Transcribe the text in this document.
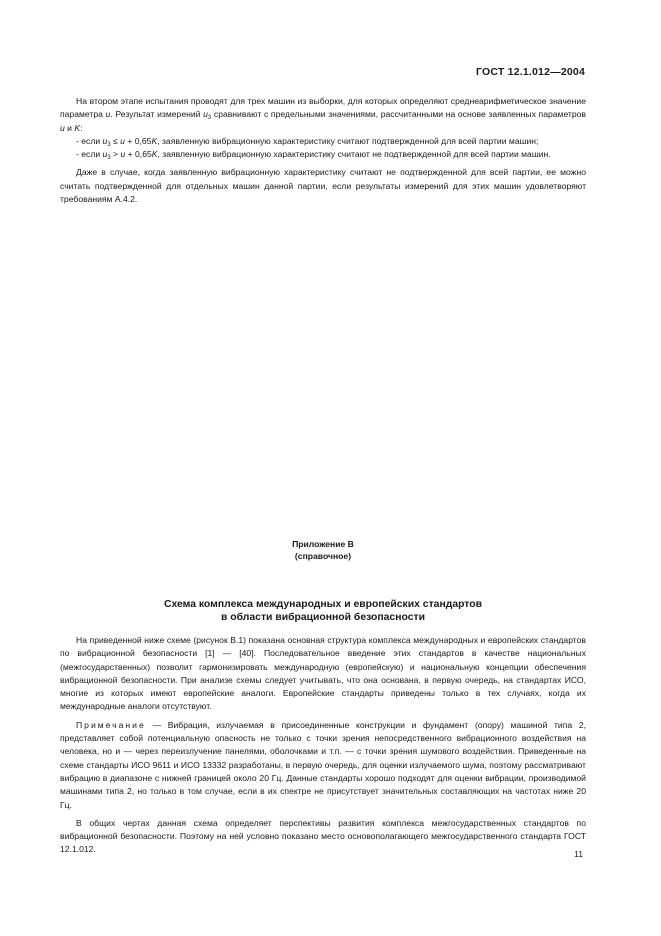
ГОСТ 12.1.012—2004

На втором этапе испытания проводят для трех машин из выборки, для которых определяют среднеарифметическое значение параметра u. Результат измерений $u_3$ сравнивают с предельными значениями, рассчитанными на основе заявленных параметров u и K:

- если $u_3 \le u + 0,65K$, заявленную вибрационную характеристику считают подтвержденной для всей партии машин;

- если $u_3 > u + 0,65K$, заявленную вибрационную характеристику считают не подтвержденной для всей партии машин.

Даже в случае, когда заявленную вибрационную характеристику считают не подтвержденной для всей партии, ее можно считать подтвержденной для отдельных машин данной партии, если результаты измерений для этих машин удовлетворяют требованиям А.4.2.

Приложение В
(справочное)
Схема комплекса международных и европейских стандартов
в области вибрационной безопасности

На приведенной ниже схеме (рисунок В.1) показана основная структура комплекса международных и европейских стандартов по вибрационной безопасности [1] — [40]. Последовательное введение этих стандартов в качестве национальных (межгосударственных) позволит гармонизировать международную (европейскую) и национальную концепции обеспечения вибрационной безопасности. При анализе схемы следует учитывать, что она основана, в первую очередь, на стандартах ИСО, многие из которых имеют европейские аналоги. Европейские стандарты приведены только в тех случаях, когда их международные аналоги отсутствуют.

Примечание — Вибрация, излучаемая в присоединенные конструкции и фундамент (опору) машиной типа 2, представляет собой потенциальную опасность не только с точки зрения непосредственного вибрационного воздействия на человека, но и — через переизлучение панелями, оболочками и т.п. — с точки зрения шумового воздействия. Приведенные на схеме стандарты ИСО 9611 и ИСО 13332 разработаны, в первую очередь, для оценки излучаемого шума, поэтому рассматривают вибрацию в диапазоне с нижней границей около 20 Гц. Данные стандарты хорошо подходят для оценки вибрации, производимой машинами типа 2, но только в том случае, если в их спектре не присутствует значительных составляющих на частотах ниже 20 Гц.

В общих чертах данная схема определяет перспективы развития комплекса межгосударственных стандартов по вибрационной безопасности. Поэтому на ней условно показано место основополагающего межгосударственного стандарта ГОСТ 12.1.012.	11
